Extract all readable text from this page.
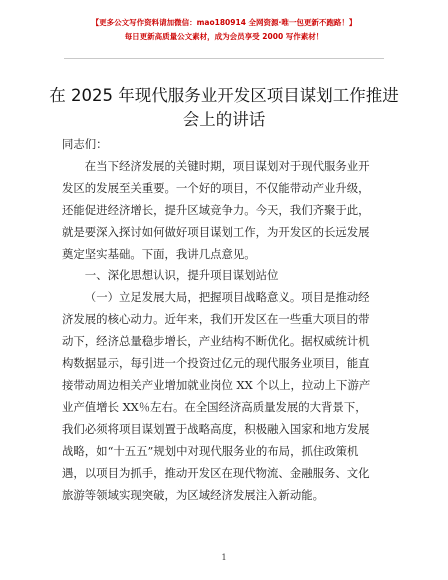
【更多公文写作资料请加微信：mao180914 全网资源·唯一包更新不跑路！】
每日更新高质量公文素材，成为会员享受 2000 写作素材！
在 2025 年现代服务业开发区项目谋划工作推进
会上的讲话

同志们：

在当下经济发展的关键时期，项目谋划对于现代服务业开
发区的发展至关重要。一个好的项目，不仅能带动产业升级，
还能促进经济增长，提升区域竞争力。今天，我们齐聚于此，
就是要深入探讨如何做好项目谋划工作，为开发区的长远发展
奠定坚实基础。下面，我讲几点意见。

一、深化思想认识，提升项目谋划站位

（一）立足发展大局，把握项目战略意义。项目是推动经
济发展的核心动力。近年来，我们开发区在一些重大项目的带
动下，经济总量稳步增长，产业结构不断优化。据权威统计机
构数据显示，每引进一个投资过亿元的现代服务业项目，能直
接带动周边相关产业增加就业岗位 XX 个以上，拉动上下游产
业产值增长 XX％左右。在全国经济高质量发展的大背景下，
我们必须将项目谋划置于战略高度，积极融入国家和地方发展
战略，如“十五五”规划中对现代服务业的布局，抓住政策机
遇，以项目为抓手，推动开发区在现代物流、金融服务、文化
旅游等领域实现突破，为区域经济发展注入新动能。

1
